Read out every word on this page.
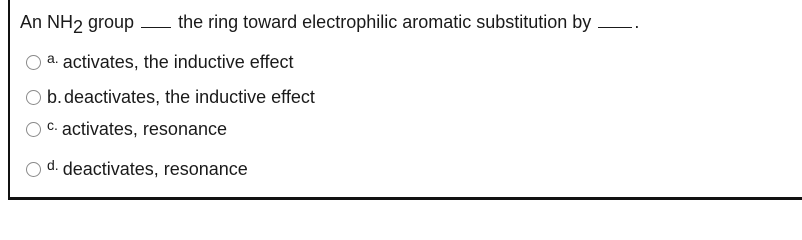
An $NH_2$ group the ring toward electrophilic aromatic substitution by .
a. activates, the inductive effect
b. deactivates, the inductive effect
c. activates, resonance
d. deactivates, resonance
